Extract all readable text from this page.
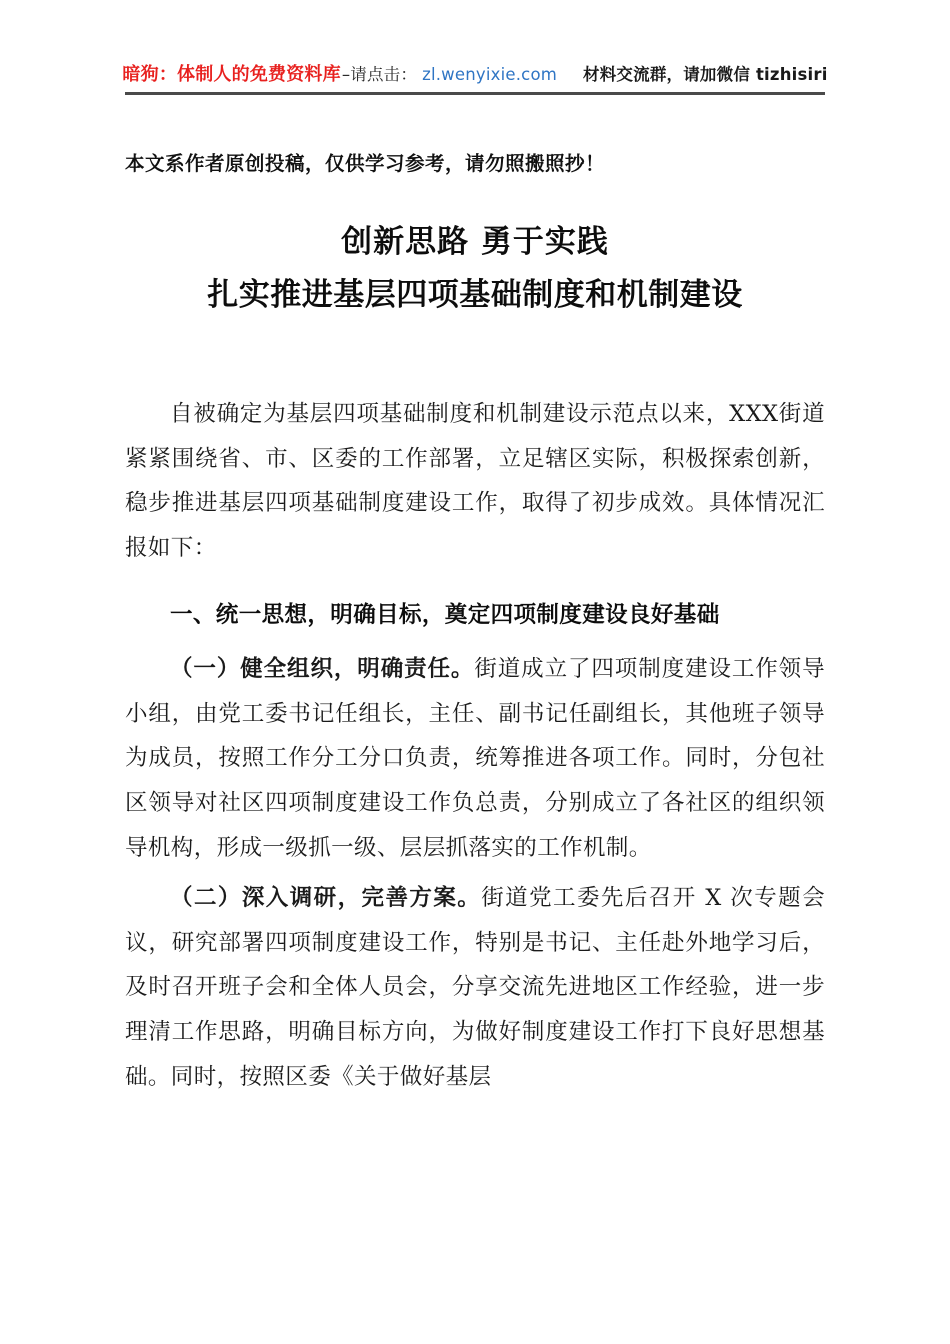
暗狗：体制人的免费资料库 –请点击： zl.wenyixie.com 材料交流群，请加微信 tizhisiri

本文系作者原创投稿，仅供学习参考，请勿照搬照抄！

创新思路 勇于实践
扎实推进基层四项基础制度和机制建设

自被确定为基层四项基础制度和机制建设示范点以来，XXX街道紧紧围绕省、市、区委的工作部署，立足辖区实际，积极探索创新，稳步推进基层四项基础制度建设工作，取得了初步成效。具体情况汇报如下：

一、统一思想，明确目标，奠定四项制度建设良好基础

（一）健全组织，明确责任。街道成立了四项制度建设工作领导小组，由党工委书记任组长，主任、副书记任副组长，其他班子领导为成员，按照工作分工分口负责，统筹推进各项工作。同时，分包社区领导对社区四项制度建设工作负总责，分别成立了各社区的组织领导机构，形成一级抓一级、层层抓落实的工作机制。

（二）深入调研，完善方案。街道党工委先后召开 X 次专题会议，研究部署四项制度建设工作，特别是书记、主任赴外地学习后，及时召开班子会和全体人员会，分享交流先进地区工作经验，进一步理清工作思路，明确目标方向，为做好制度建设工作打下良好思想基础。同时，按照区委《关于做好基层
